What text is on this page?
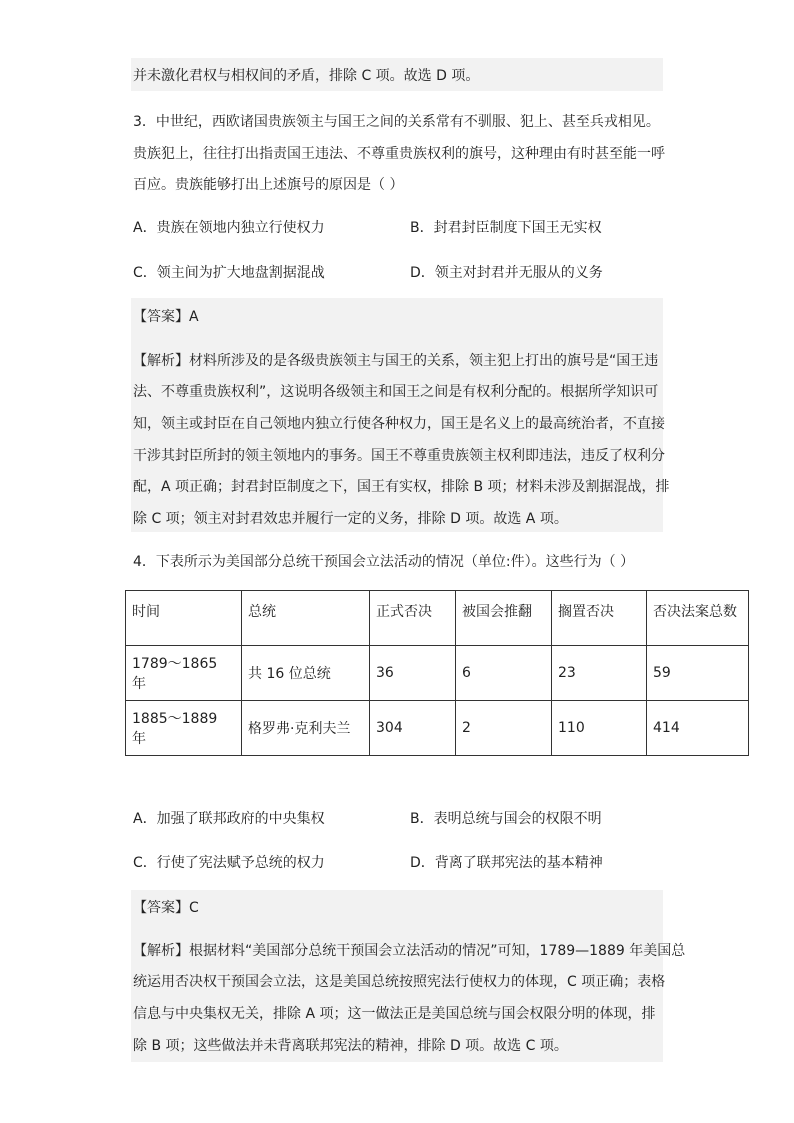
并未激化君权与相权间的矛盾，排除 C 项。故选 D 项。
3．中世纪，西欧诸国贵族领主与国王之间的关系常有不驯服、犯上、甚至兵戎相见。
贵族犯上，往往打出指责国王违法、不尊重贵族权利的旗号，这种理由有时甚至能一呼
百应。贵族能够打出上述旗号的原因是（ ）
A．贵族在领地内独立行使权力	B．封君封臣制度下国王无实权
C．领主间为扩大地盘割据混战	D．领主对封君并无服从的义务
【答案】A
【解析】材料所涉及的是各级贵族领主与国王的关系，领主犯上打出的旗号是“国王违
法、不尊重贵族权利”，这说明各级领主和国王之间是有权利分配的。根据所学知识可
知，领主或封臣在自己领地内独立行使各种权力，国王是名义上的最高统治者，不直接
干涉其封臣所封的领主领地内的事务。国王不尊重贵族领主权利即违法，违反了权利分
配，A 项正确；封君封臣制度之下，国王有实权，排除 B 项；材料未涉及割据混战，排
除 C 项；领主对封君效忠并履行一定的义务，排除 D 项。故选 A 项。
4．下表所示为美国部分总统干预国会立法活动的情况（单位:件）。这些行为（ ）
时间	总统	正式否决	被国会推翻	搁置否决	否决法案总数
1789～1865 年	共 16 位总统	36	6	23	59
1885～1889 年	格罗弗·克利夫兰	304	2	110	414
A．加强了联邦政府的中央集权	B．表明总统与国会的权限不明
C．行使了宪法赋予总统的权力	D．背离了联邦宪法的基本精神
【答案】C
【解析】根据材料“美国部分总统干预国会立法活动的情况”可知，1789—1889 年美国总
统运用否决权干预国会立法，这是美国总统按照宪法行使权力的体现，C 项正确；表格
信息与中央集权无关，排除 A 项；这一做法正是美国总统与国会权限分明的体现，排
除 B 项；这些做法并未背离联邦宪法的精神，排除 D 项。故选 C 项。
